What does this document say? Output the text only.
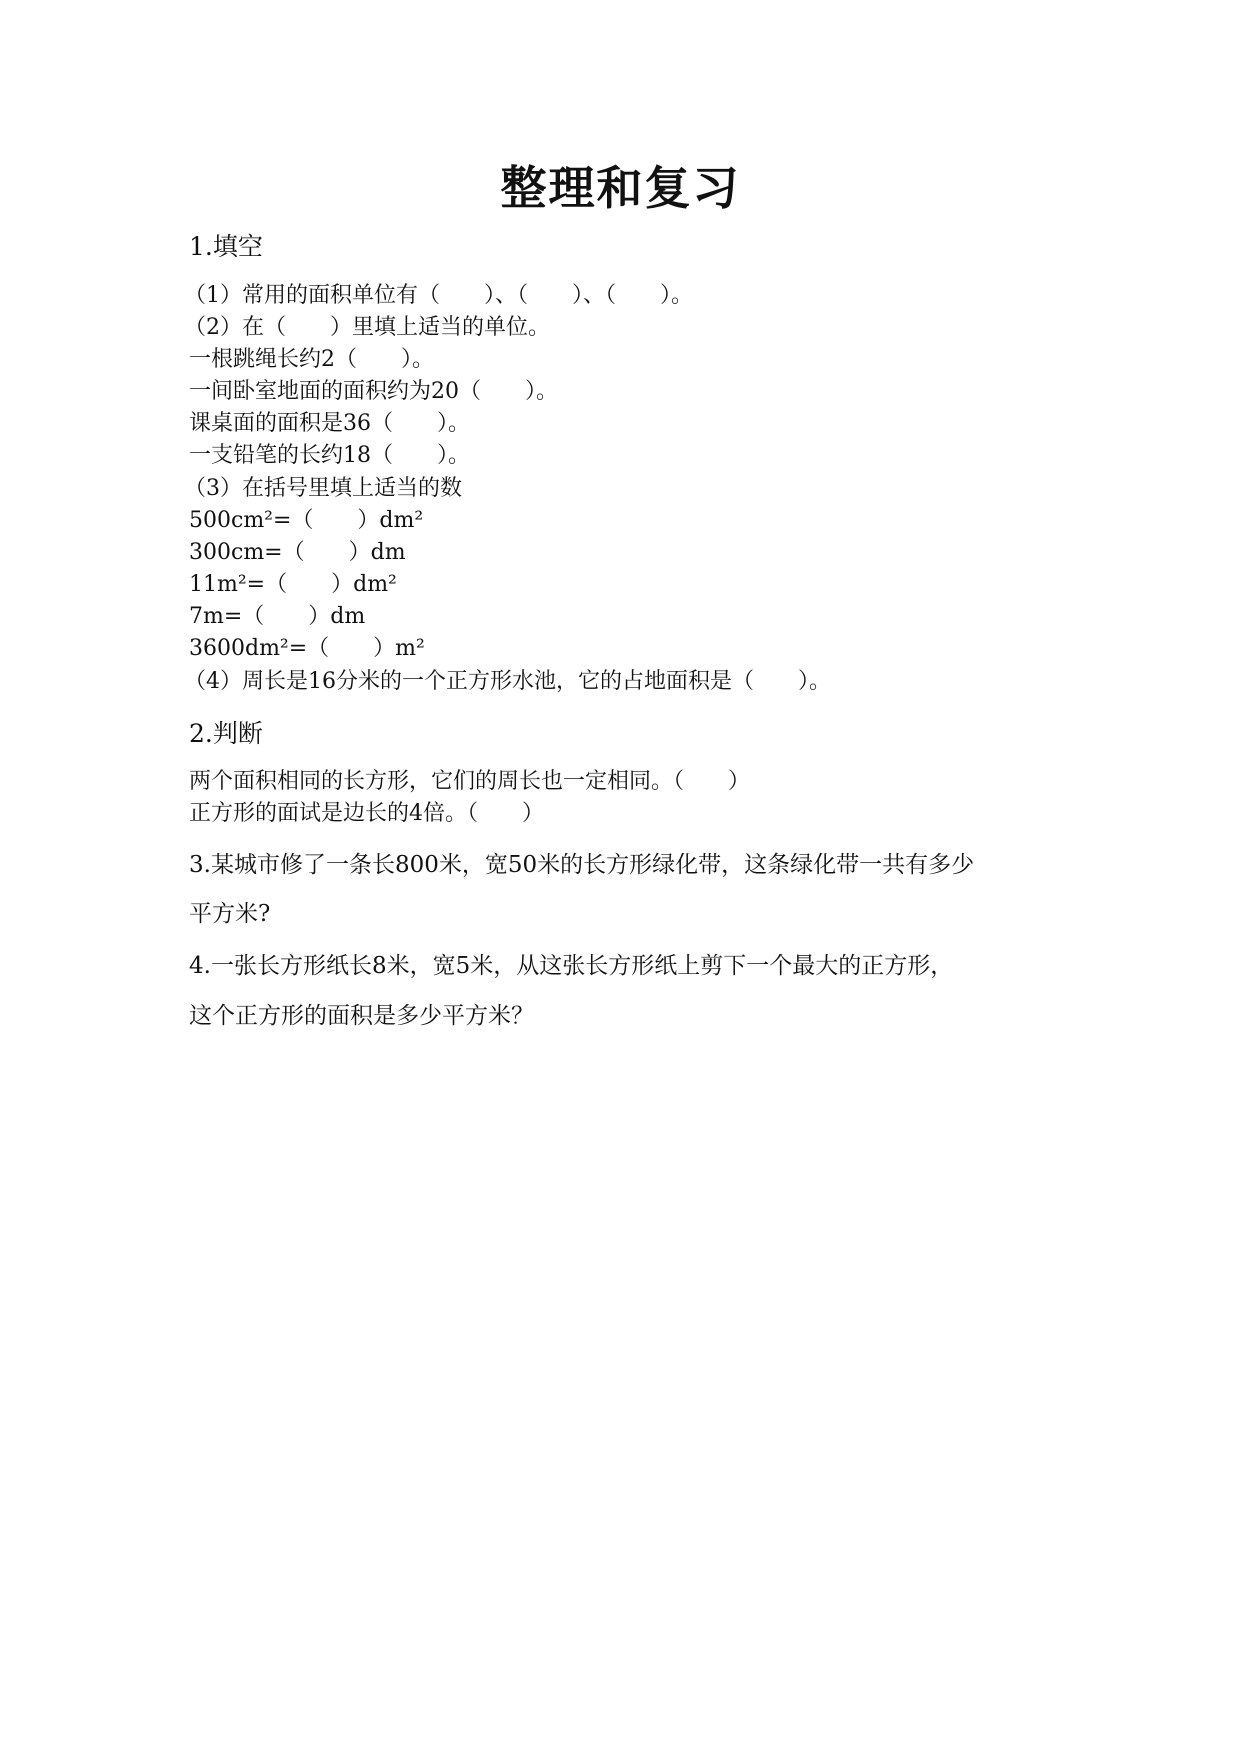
整理和复习
1.填空
（1）常用的面积单位有（　　）、（　　）、（　　）。
（2）在（　　）里填上适当的单位。
一根跳绳长约2（　　）。
一间卧室地面的面积约为20（　　）。
课桌面的面积是36（　　）。
一支铅笔的长约18（　　）。
（3）在括号里填上适当的数
500cm²=（　　）dm²
300cm=（　　）dm
11m²=（　　）dm²
7m=（　　）dm
3600dm²=（　　）m²
（4）周长是16分米的一个正方形水池，它的占地面积是（　　）。
2.判断
两个面积相同的长方形，它们的周长也一定相同。（　　）
正方形的面试是边长的4倍。（　　）
3.某城市修了一条长800米，宽50米的长方形绿化带，这条绿化带一共有多少
平方米?
4.一张长方形纸长8米，宽5米，从这张长方形纸上剪下一个最大的正方形，
这个正方形的面积是多少平方米？
